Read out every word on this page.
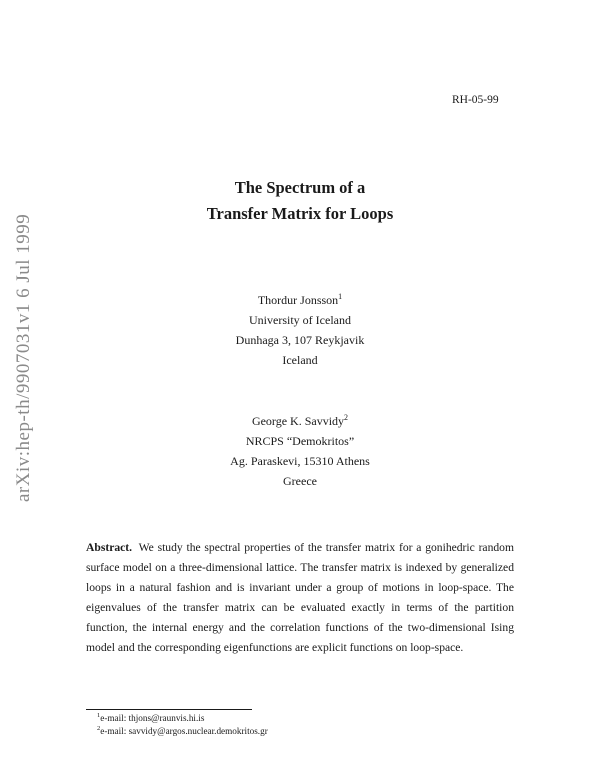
RH-05-99
arXiv:hep-th/9907031v1 6 Jul 1999
The Spectrum of a
Transfer Matrix for Loops
Thordur Jonsson$^1$
University of Iceland
Dunhaga 3, 107 Reykjavik
Iceland
George K. Savvidy$^2$
NRCPS “Demokritos”
Ag. Paraskevi, 15310 Athens
Greece
Abstract. We study the spectral properties of the transfer matrix for a gonihedric random surface model on a three-dimensional lattice. The transfer matrix is indexed by generalized loops in a natural fashion and is invariant under a group of motions in loop-space. The eigenvalues of the transfer matrix can be evaluated exactly in terms of the partition function, the internal energy and the correlation functions of the two-dimensional Ising model and the corresponding eigenfunctions are explicit functions on loop-space.
$^1$e-mail: thjons@raunvis.hi.is
$^2$e-mail: savvidy@argos.nuclear.demokritos.gr
